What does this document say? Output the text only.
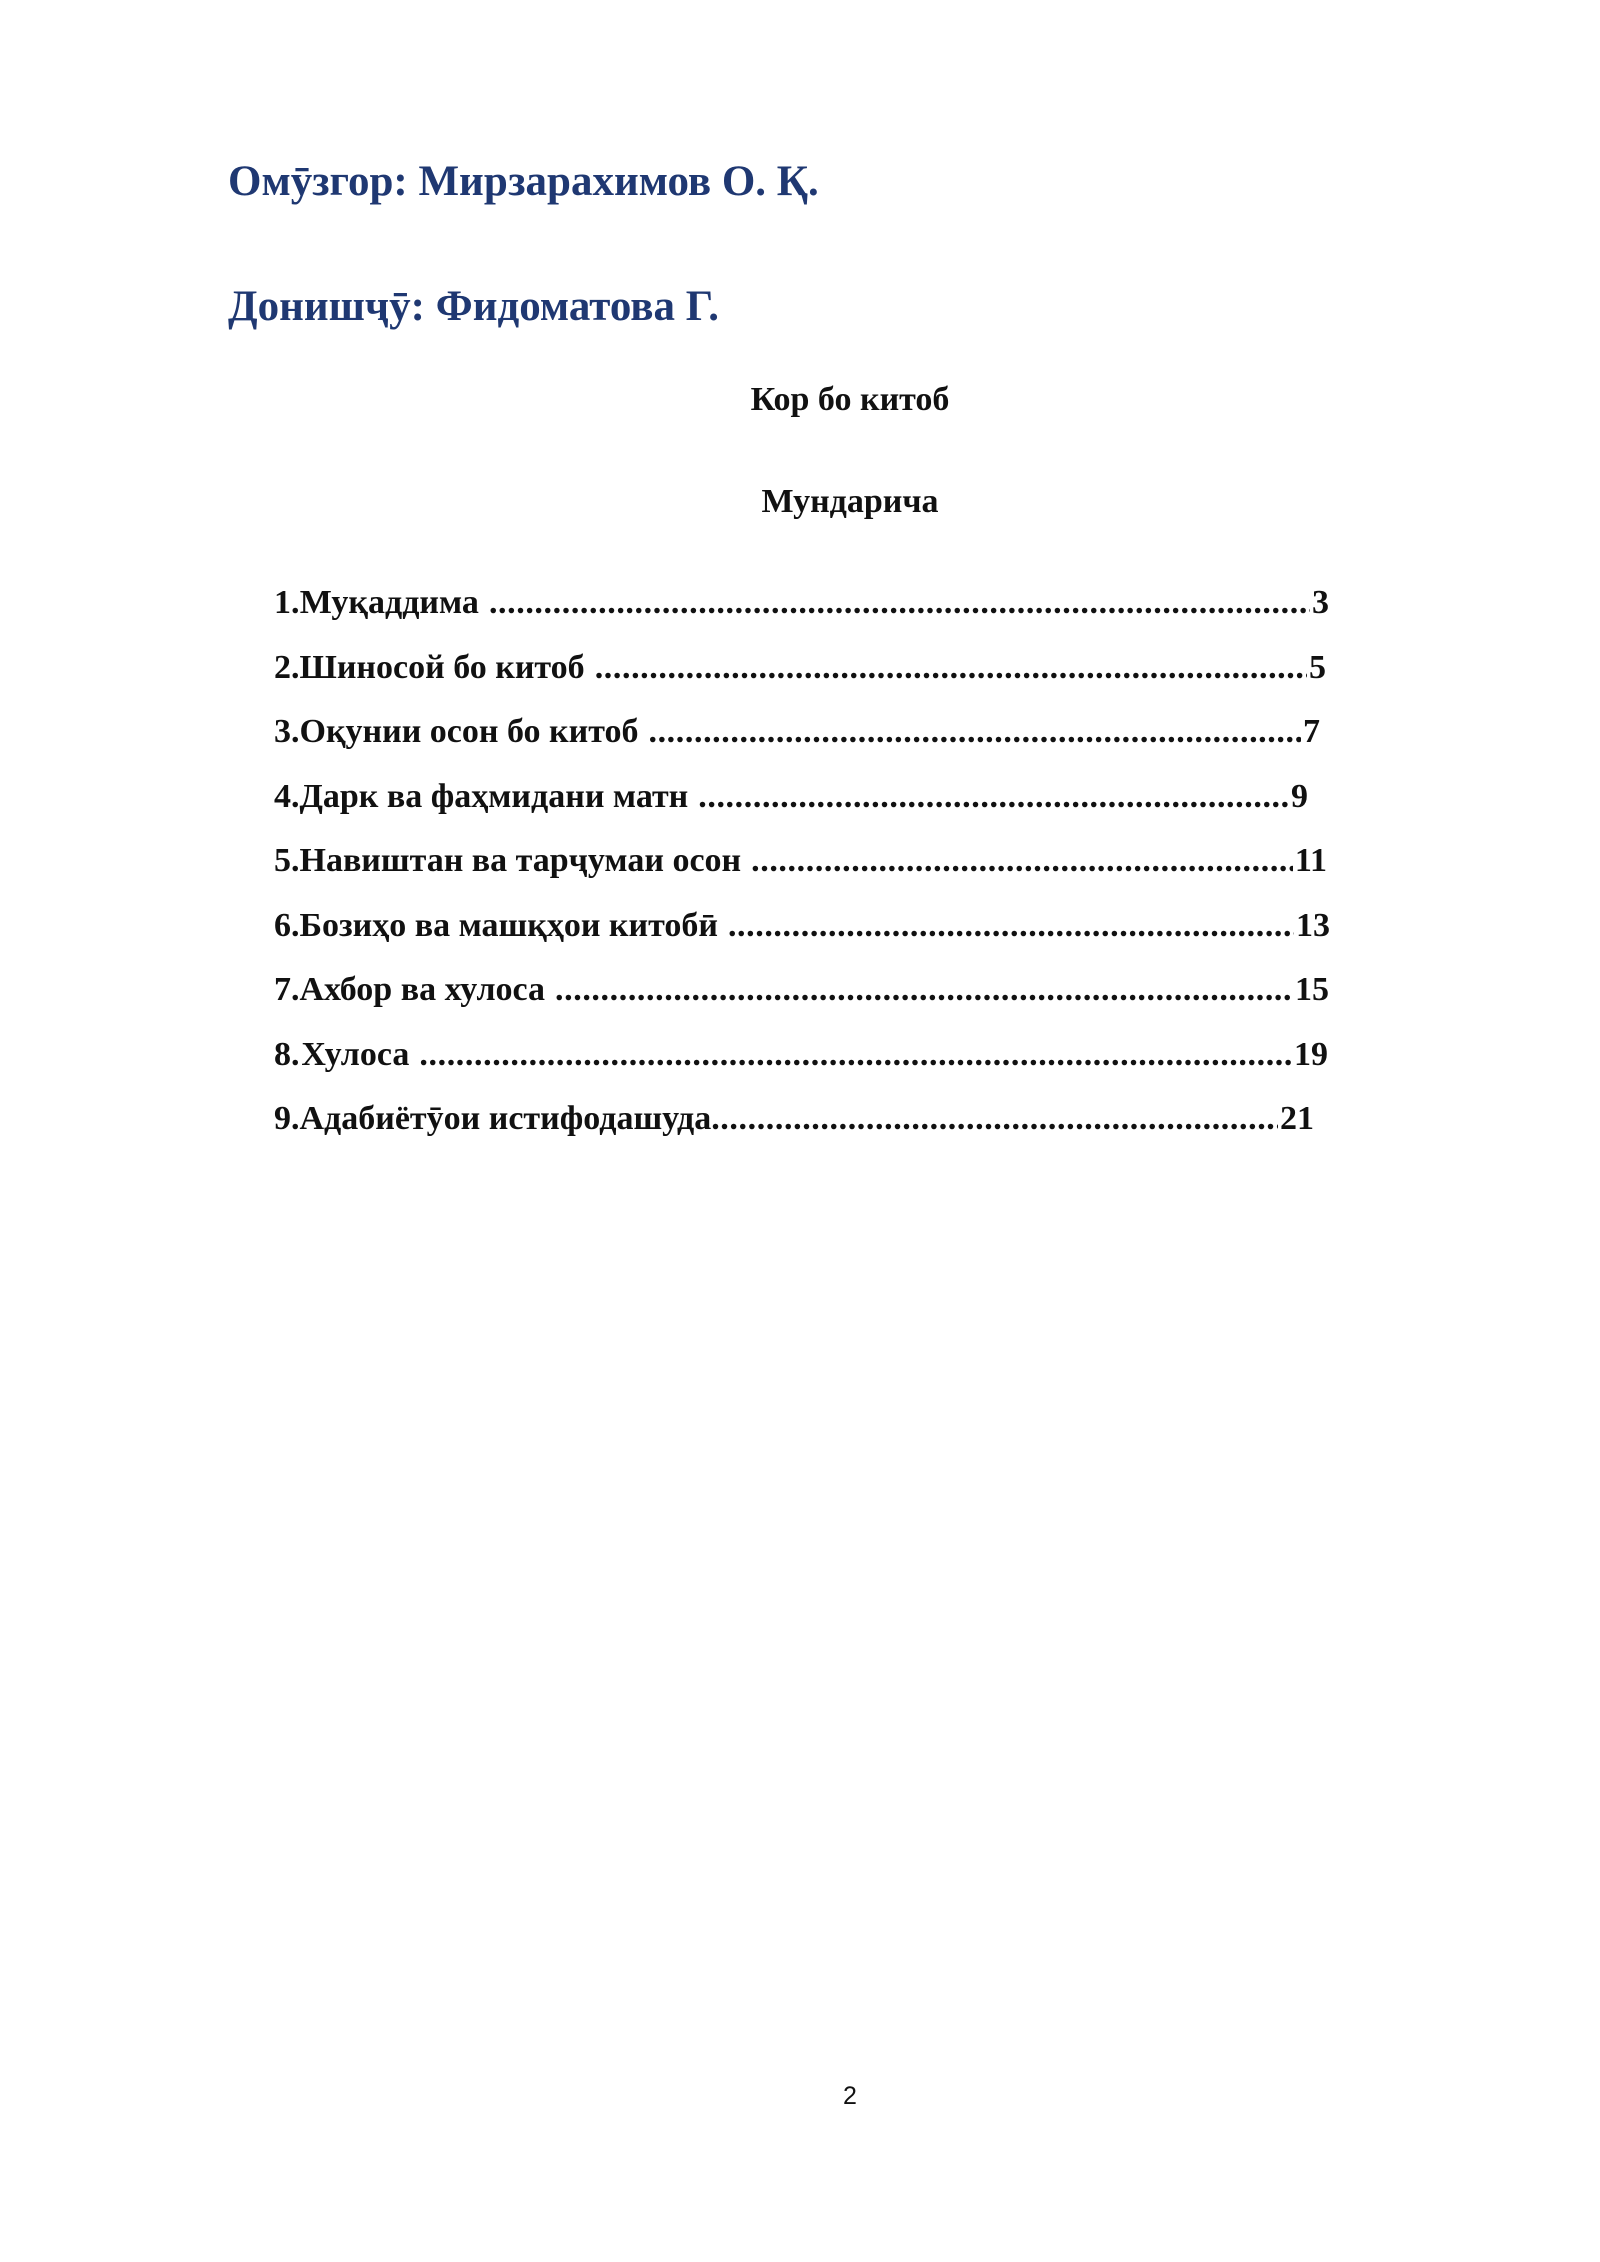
Омӯзгор: Мирзарахимов О. Қ.
Донишҷӯ: Фидоматова Г.
Кор бо китоб
Мундарича
1. Муқаддима .....	3
2. Шиносой бо китоб .....	5
3. Оқунии осон бо китоб .....	7
4. Дарк ва фаҳмидани матн .....	9
5. Навиштан ва тарҷумаи осон .....	11
6. Бозиҳо ва машқҳои китобӣ .....	13
7. Ахбор ва хулоса .....	15
8. Хулоса .....	19
9. Адабиётӯои истифодашуда .....	21
2
